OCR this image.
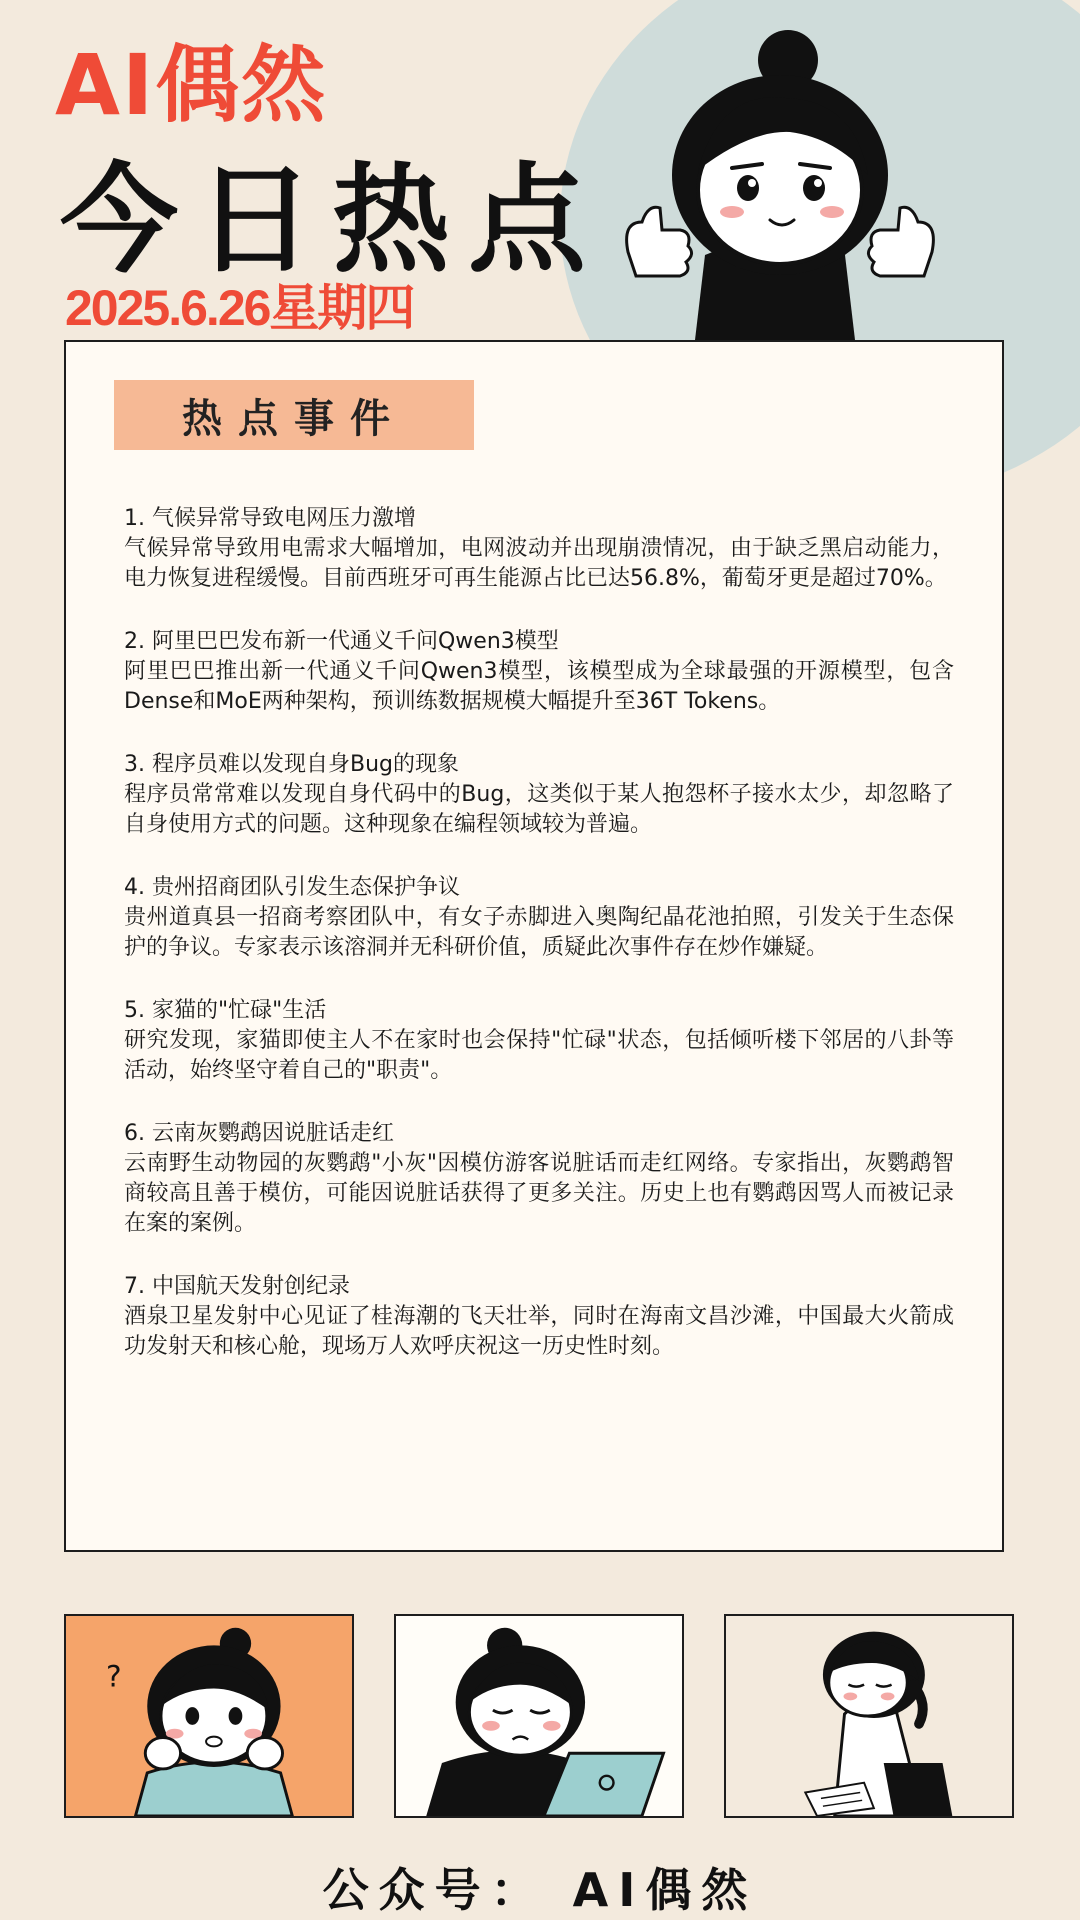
AI偶然
今日热点
2025.6.26星期四
热点事件
1. 气候异常导致电网压力激增
气候异常导致用电需求大幅增加，电网波动并出现崩溃情况，由于缺乏黑启动能力，电力恢复进程缓慢。目前西班牙可再生能源占比已达56.8%，葡萄牙更是超过70%。
2. 阿里巴巴发布新一代通义千问Qwen3模型
阿里巴巴推出新一代通义千问Qwen3模型，该模型成为全球最强的开源模型，包含Dense和MoE两种架构，预训练数据规模大幅提升至36T Tokens。
3. 程序员难以发现自身Bug的现象
程序员常常难以发现自身代码中的Bug，这类似于某人抱怨杯子接水太少，却忽略了自身使用方式的问题。这种现象在编程领域较为普遍。
4. 贵州招商团队引发生态保护争议
贵州道真县一招商考察团队中，有女子赤脚进入奥陶纪晶花池拍照，引发关于生态保护的争议。专家表示该溶洞并无科研价值，质疑此次事件存在炒作嫌疑。
5. 家猫的"忙碌"生活
研究发现，家猫即使主人不在家时也会保持"忙碌"状态，包括倾听楼下邻居的八卦等活动，始终坚守着自己的"职责"。
6. 云南灰鹦鹉因说脏话走红
云南野生动物园的灰鹦鹉"小灰"因模仿游客说脏话而走红网络。专家指出，灰鹦鹉智商较高且善于模仿，可能因说脏话获得了更多关注。历史上也有鹦鹉因骂人而被记录在案的案例。
7. 中国航天发射创纪录
酒泉卫星发射中心见证了桂海潮的飞天壮举，同时在海南文昌沙滩，中国最大火箭成功发射天和核心舱，现场万人欢呼庆祝这一历史性时刻。
?
公众号： AI偶然
